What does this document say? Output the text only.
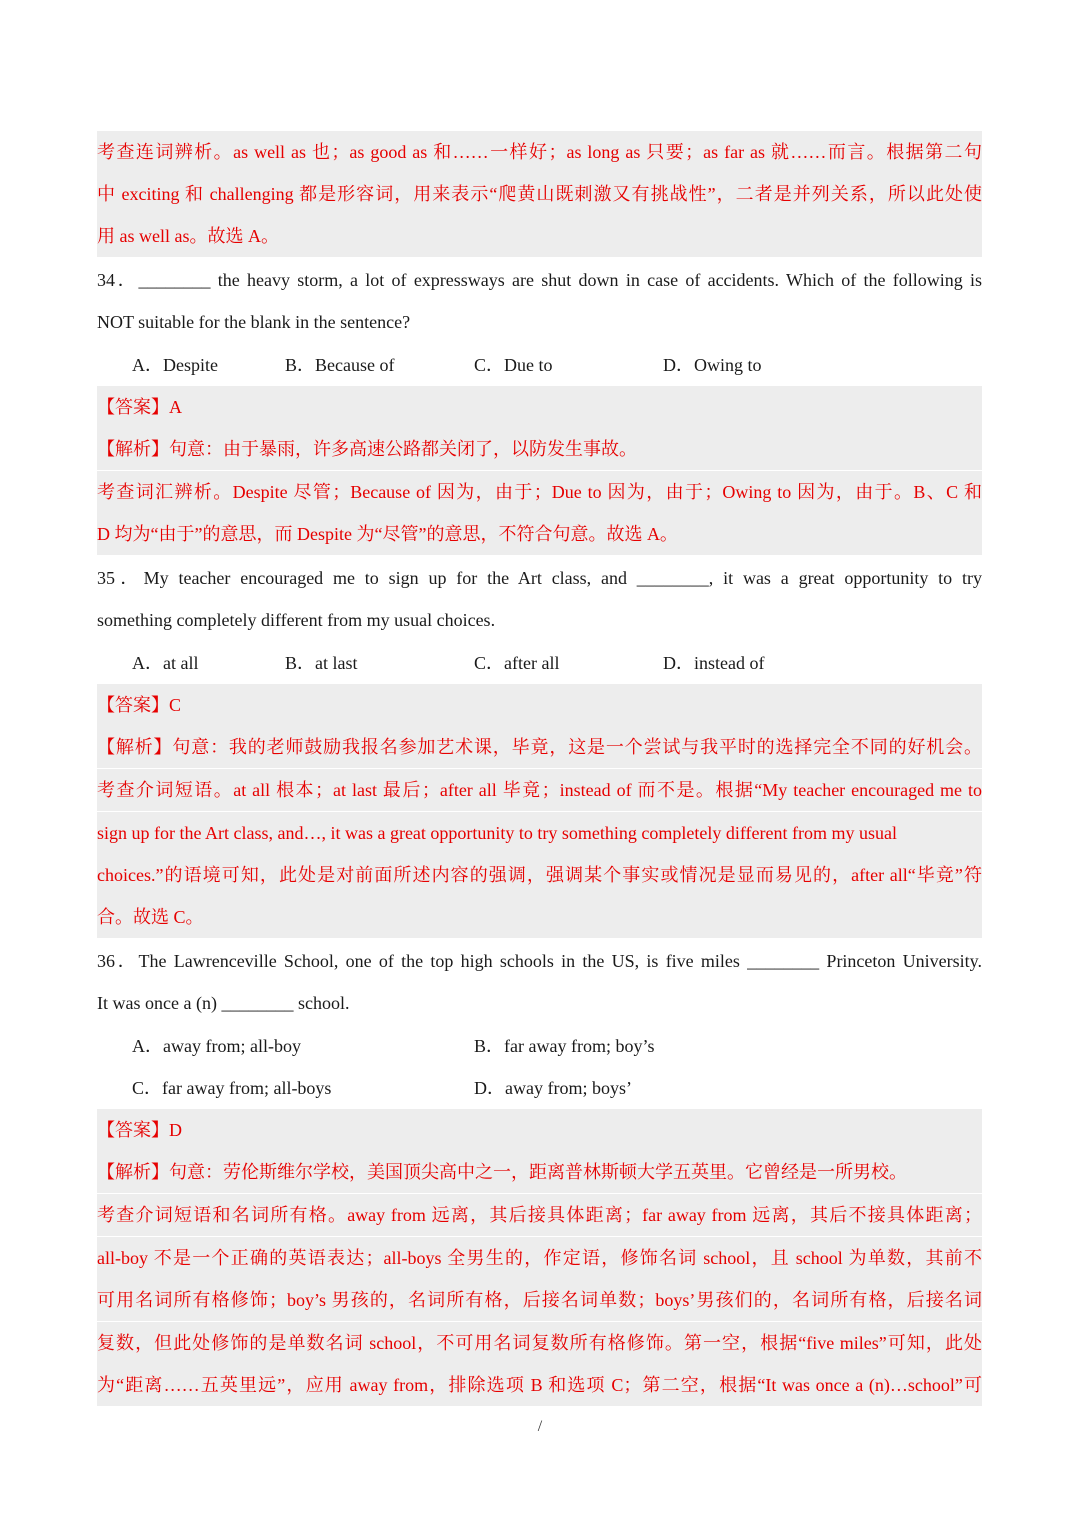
考查连词辨析。as well as 也；as good as 和……一样好；as long as 只要；as far as 就……而言。根据第二句
中 exciting 和 challenging 都是形容词，用来表示“爬黄山既刺激又有挑战性”，二者是并列关系，所以此处使
用 as well as。故选 A。
34．________ the heavy storm, a lot of expressways are shut down in case of accidents. Which of the following is
NOT suitable for the blank in the sentence?
A．Despite	B．Because of	C．Due to	D．Owing to
【答案】A
【解析】句意：由于暴雨，许多高速公路都关闭了，以防发生事故。
考查词汇辨析。Despite 尽管；Because of 因为，由于；Due to 因为，由于；Owing to 因为，由于。B、C 和
D 均为“由于”的意思，而 Despite 为“尽管”的意思，不符合句意。故选 A。
35．My teacher encouraged me to sign up for the Art class, and ________, it was a great opportunity to try
something completely different from my usual choices.
A．at all	B．at last	C．after all	D．instead of
【答案】C
【解析】句意：我的老师鼓励我报名参加艺术课，毕竟，这是一个尝试与我平时的选择完全不同的好机会。
考查介词短语。at all 根本；at last 最后；after all 毕竟；instead of 而不是。根据“My teacher encouraged me to
sign up for the Art class, and…, it was a great opportunity to try something completely different from my usual
choices.”的语境可知，此处是对前面所述内容的强调，强调某个事实或情况是显而易见的，after all“毕竟”符
合。故选 C。
36．The Lawrenceville School, one of the top high schools in the US, is five miles ________ Princeton University.
It was once a (n) ________ school.
A．away from; all-boy	B．far away from; boy’s
C．far away from; all-boys	D．away from; boys’
【答案】D
【解析】句意：劳伦斯维尔学校，美国顶尖高中之一，距离普林斯顿大学五英里。它曾经是一所男校。
考查介词短语和名词所有格。away from 远离，其后接具体距离；far away from 远离，其后不接具体距离；
all-boy 不是一个正确的英语表达；all-boys 全男生的，作定语，修饰名词 school，且 school 为单数，其前不
可用名词所有格修饰；boy’s 男孩的，名词所有格，后接名词单数；boys’男孩们的，名词所有格，后接名词
复数，但此处修饰的是单数名词 school，不可用名词复数所有格修饰。第一空，根据“five miles”可知，此处
为“距离……五英里远”，应用 away from，排除选项 B 和选项 C；第二空，根据“It was once a (n)…school”可
/
